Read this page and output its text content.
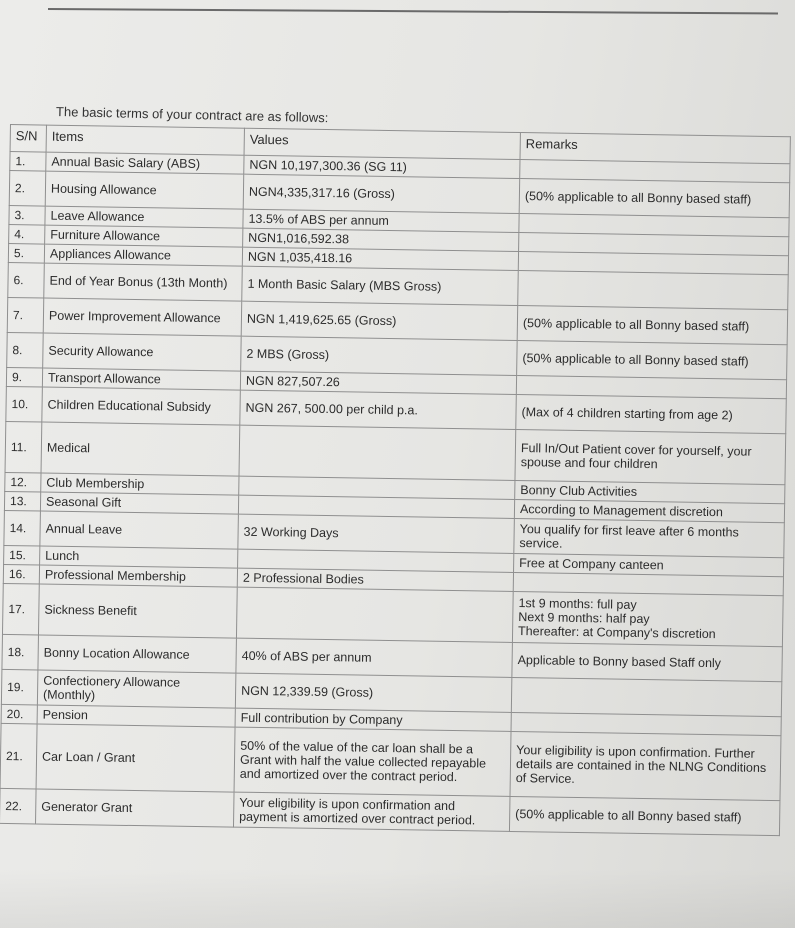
The basic terms of your contract are as follows:
S/N	Items	Values	Remarks
1.	Annual Basic Salary (ABS)	NGN 10,197,300.36 (SG 11)	
2.	Housing Allowance	NGN4,335,317.16 (Gross)	(50% applicable to all Bonny based staff)
3.	Leave Allowance	13.5% of ABS per annum	
4.	Furniture Allowance	NGN1,016,592.38	
5.	Appliances Allowance	NGN 1,035,418.16	
6.	End of Year Bonus (13th Month)	1 Month Basic Salary (MBS Gross)	
7.	Power Improvement Allowance	NGN 1,419,625.65 (Gross)	(50% applicable to all Bonny based staff)
8.	Security Allowance	2 MBS (Gross)	(50% applicable to all Bonny based staff)
9.	Transport Allowance	NGN 827,507.26	
10.	Children Educational Subsidy	NGN 267, 500.00 per child p.a.	(Max of 4 children starting from age 2)
11.	Medical		Full In/Out Patient cover for yourself, your spouse and four children
12.	Club Membership		Bonny Club Activities
13.	Seasonal Gift		According to Management discretion
14.	Annual Leave	32 Working Days	You qualify for first leave after 6 months service.
15.	Lunch		Free at Company canteen
16.	Professional Membership	2 Professional Bodies	
17.	Sickness Benefit		1st 9 months: full pay
Next 9 months: half pay
Thereafter: at Company's discretion
18.	Bonny Location Allowance	40% of ABS per annum	Applicable to Bonny based Staff only
19.	Confectionery Allowance (Monthly)	NGN 12,339.59 (Gross)	
20.	Pension	Full contribution by Company	
21.	Car Loan / Grant	50% of the value of the car loan shall be a Grant with half the value collected repayable and amortized over the contract period.	Your eligibility is upon confirmation. Further details are contained in the NLNG Conditions of Service.
22.	Generator Grant	Your eligibility is upon confirmation and payment is amortized over contract period.	(50% applicable to all Bonny based staff)
